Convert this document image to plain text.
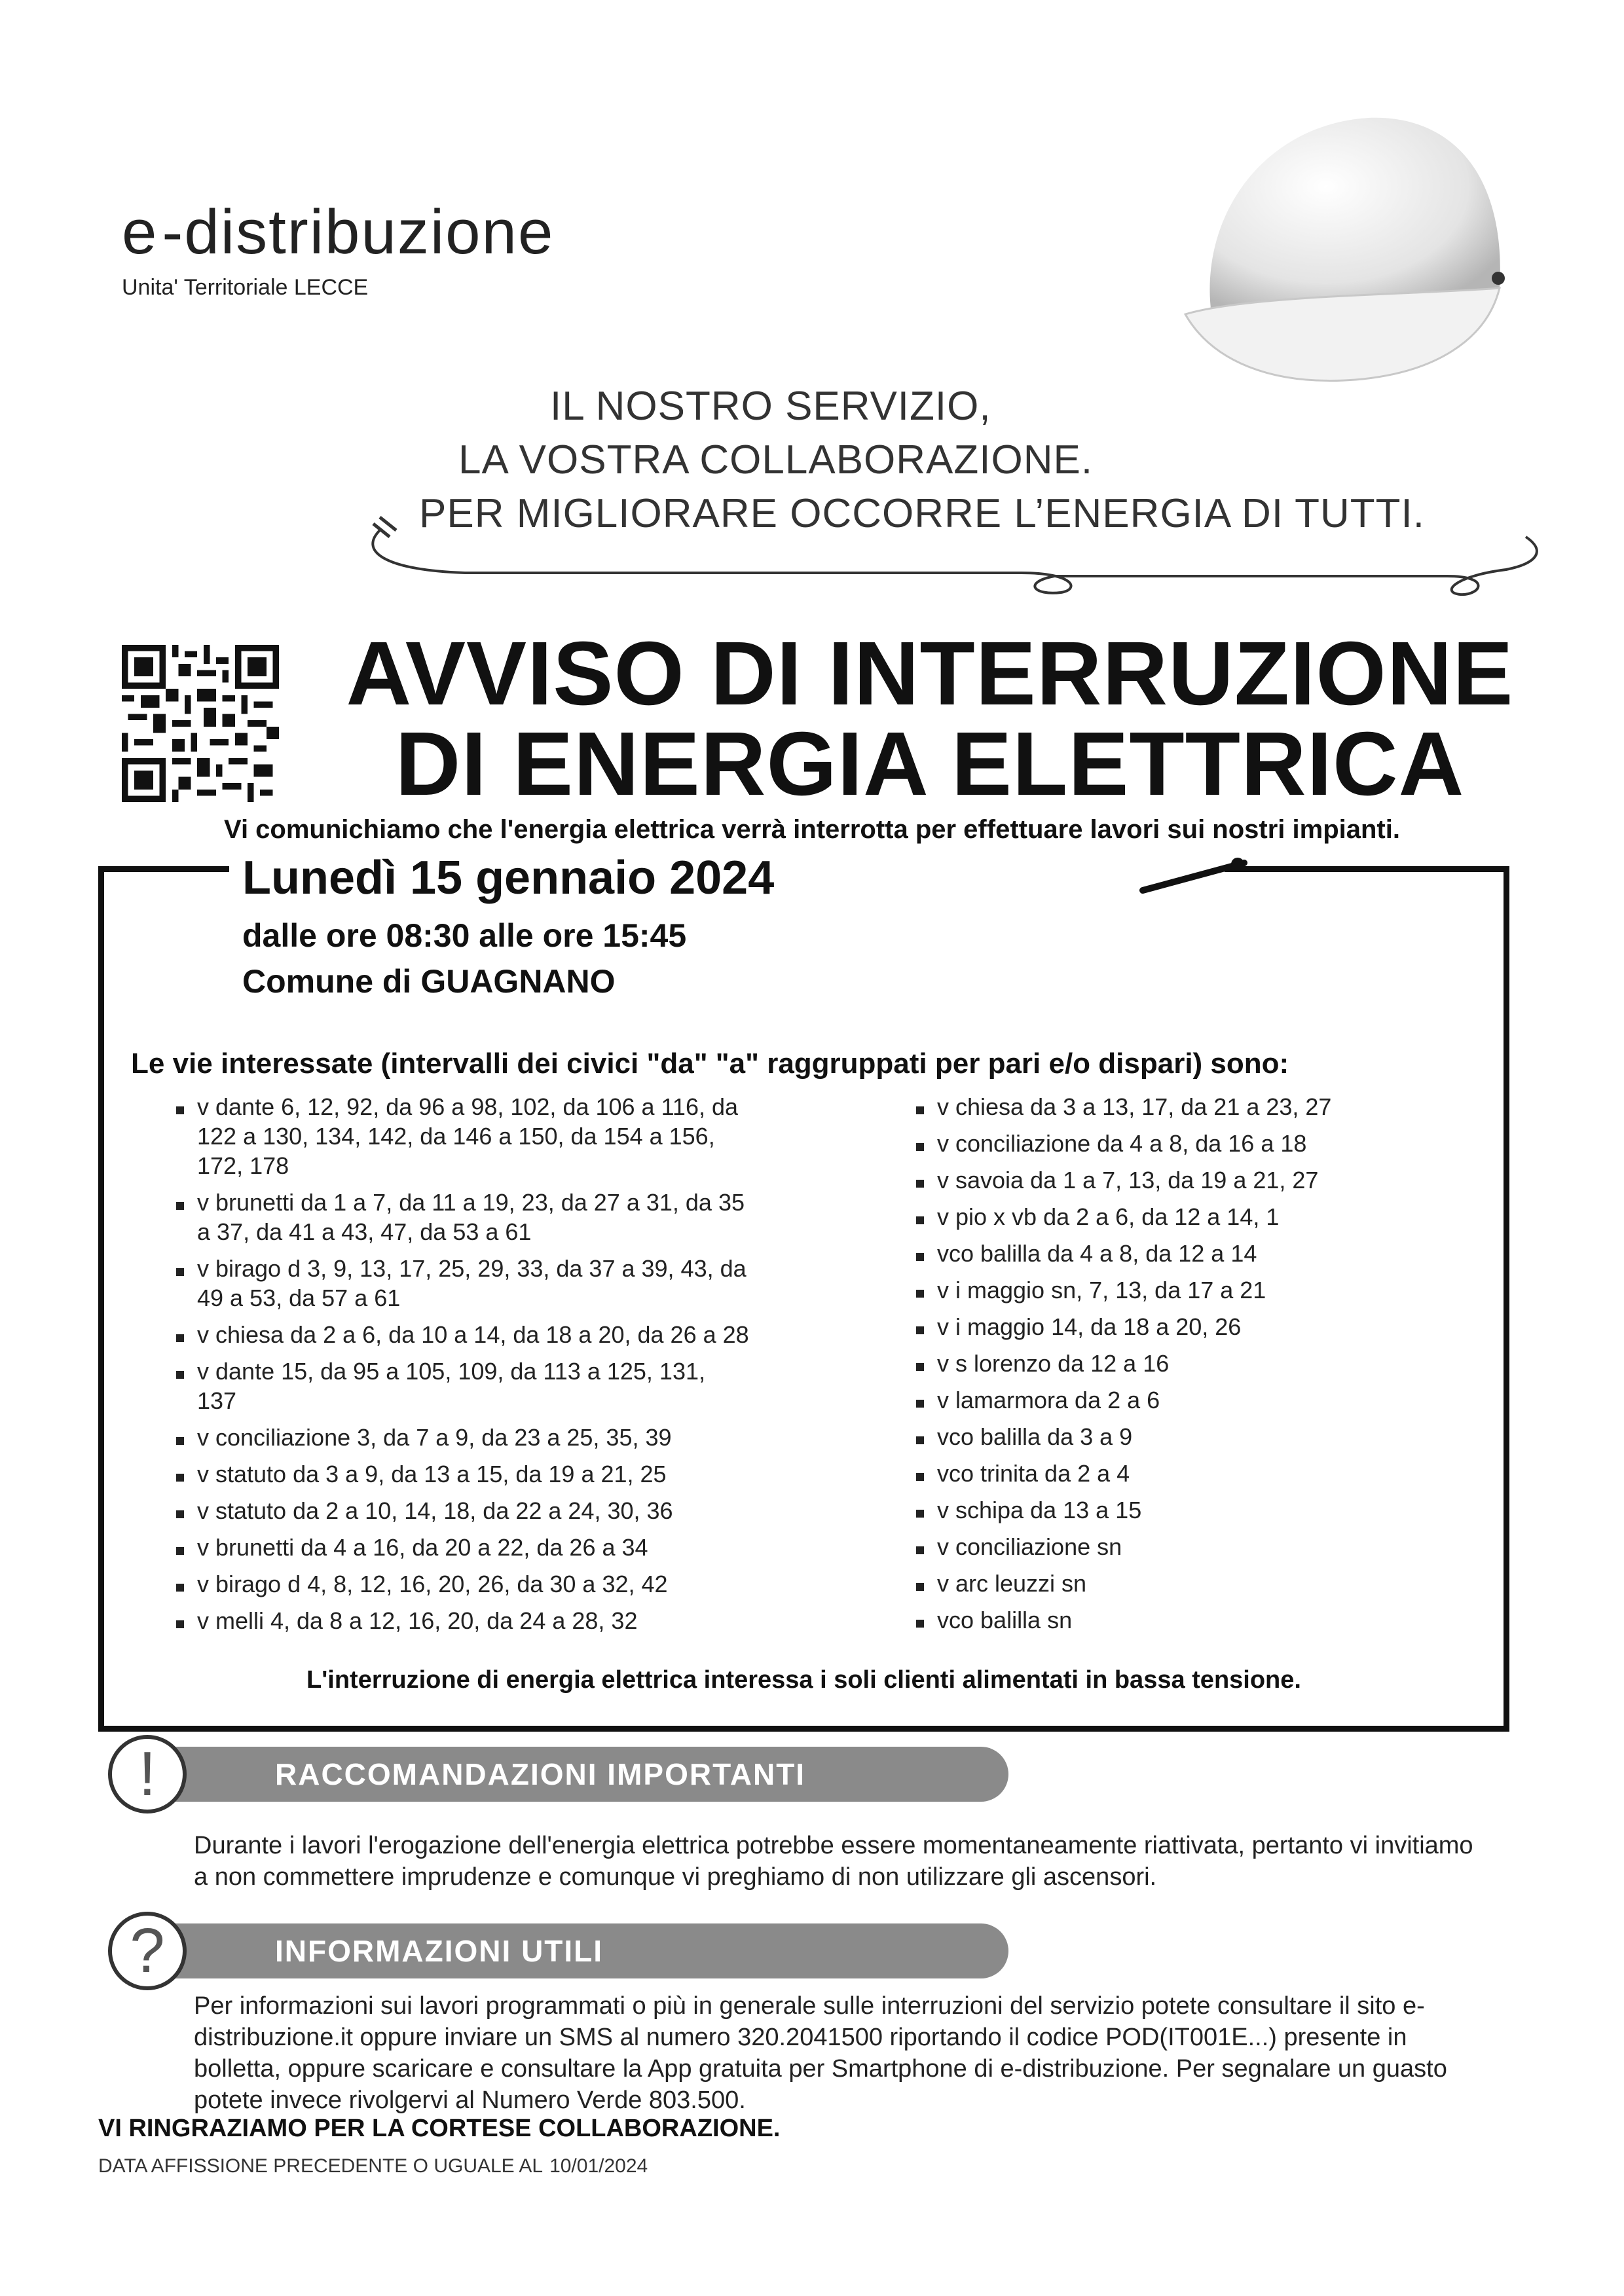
e-distribuzione
Unita' Territoriale LECCE
IL NOSTRO SERVIZIO,
LA VOSTRA COLLABORAZIONE.
PER MIGLIORARE OCCORRE L’ENERGIA DI TUTTI.
AVVISO DI INTERRUZIONE
DI ENERGIA ELETTRICA
Vi comunichiamo che l'energia elettrica verrà interrotta per effettuare lavori sui nostri impianti.
Lunedì 15 gennaio 2024
dalle ore 08:30 alle ore 15:45
Comune di GUAGNANO
Le vie interessate (intervalli dei civici "da" "a" raggruppati per pari e/o dispari) sono:
v dante 6, 12, 92, da 96 a 98, 102, da 106 a 116, da 122 a 130, 134, 142, da 146 a 150, da 154 a 156, 172, 178
v brunetti da 1 a 7, da 11 a 19, 23, da 27 a 31, da 35 a 37, da 41 a 43, 47, da 53 a 61
v birago d 3, 9, 13, 17, 25, 29, 33, da 37 a 39, 43, da 49 a 53, da 57 a 61
v chiesa da 2 a 6, da 10 a 14, da 18 a 20, da 26 a 28
v dante 15, da 95 a 105, 109, da 113 a 125, 131, 137
v conciliazione 3, da 7 a 9, da 23 a 25, 35, 39
v statuto da 3 a 9, da 13 a 15, da 19 a 21, 25
v statuto da 2 a 10, 14, 18, da 22 a 24, 30, 36
v brunetti da 4 a 16, da 20 a 22, da 26 a 34
v birago d 4, 8, 12, 16, 20, 26, da 30 a 32, 42
v melli 4, da 8 a 12, 16, 20, da 24 a 28, 32
v chiesa da 3 a 13, 17, da 21 a 23, 27
v conciliazione da 4 a 8, da 16 a 18
v savoia da 1 a 7, 13, da 19 a 21, 27
v pio x vb da 2 a 6, da 12 a 14, 1
vco balilla da 4 a 8, da 12 a 14
v i maggio sn, 7, 13, da 17 a 21
v i maggio 14, da 18 a 20, 26
v s lorenzo da 12 a 16
v lamarmora da 2 a 6
vco balilla da 3 a 9
vco trinita da 2 a 4
v schipa da 13 a 15
v conciliazione sn
v arc leuzzi sn
vco balilla sn
L'interruzione di energia elettrica interessa i soli clienti alimentati in bassa tensione.
RACCOMANDAZIONI IMPORTANTI
!
Durante i lavori l'erogazione dell'energia elettrica potrebbe essere momentaneamente riattivata, pertanto vi invitiamo a non commettere imprudenze e comunque vi preghiamo di non utilizzare gli ascensori.
INFORMAZIONI UTILI
?
Per informazioni sui lavori programmati o più in generale sulle interruzioni del servizio potete consultare il sito e-distribuzione.it oppure inviare un SMS al numero 320.2041500 riportando il codice POD(IT001E...) presente in bolletta, oppure scaricare e consultare la App gratuita per Smartphone di e-distribuzione. Per segnalare un guasto potete invece rivolgervi al Numero Verde 803.500.
VI RINGRAZIAMO PER LA CORTESE COLLABORAZIONE.
DATA AFFISSIONE PRECEDENTE O UGUALE AL 10/01/2024
